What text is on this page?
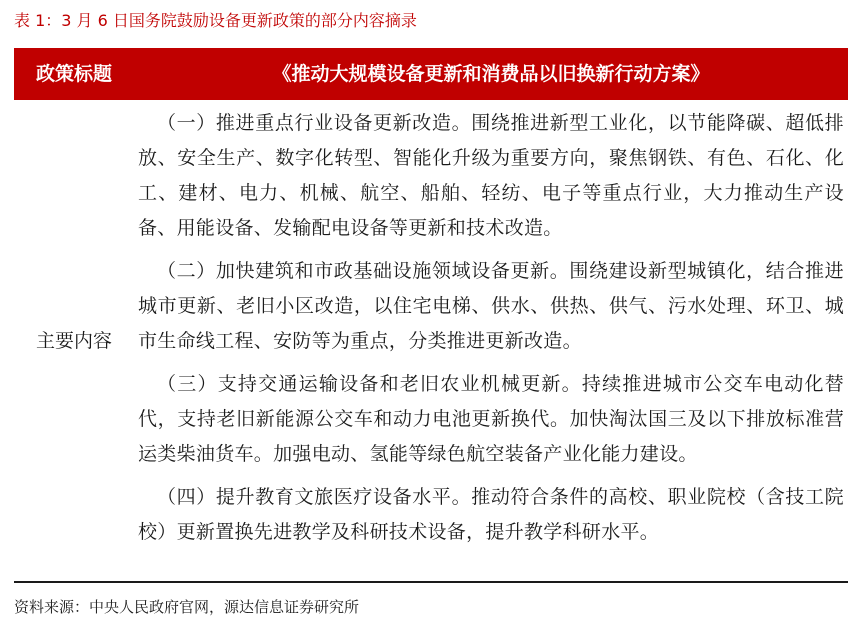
表 1：3 月 6 日国务院鼓励设备更新政策的部分内容摘录
政策标题	《推动大规模设备更新和消费品以旧换新行动方案》
主要内容

（一）推进重点行业设备更新改造。围绕推进新型工业化，以节能降碳、超低排放、安全生产、数字化转型、智能化升级为重要方向，聚焦钢铁、有色、石化、化工、建材、电力、机械、航空、船舶、轻纺、电子等重点行业，大力推动生产设备、用能设备、发输配电设备等更新和技术改造。

（二）加快建筑和市政基础设施领域设备更新。围绕建设新型城镇化，结合推进城市更新、老旧小区改造，以住宅电梯、供水、供热、供气、污水处理、环卫、城市生命线工程、安防等为重点，分类推进更新改造。

（三）支持交通运输设备和老旧农业机械更新。持续推进城市公交车电动化替代，支持老旧新能源公交车和动力电池更新换代。加快淘汰国三及以下排放标准营运类柴油货车。加强电动、氢能等绿色航空装备产业化能力建设。

（四）提升教育文旅医疗设备水平。推动符合条件的高校、职业院校（含技工院校）更新置换先进教学及科研技术设备，提升教学科研水平。

资料来源：中央人民政府官网，源达信息证券研究所
